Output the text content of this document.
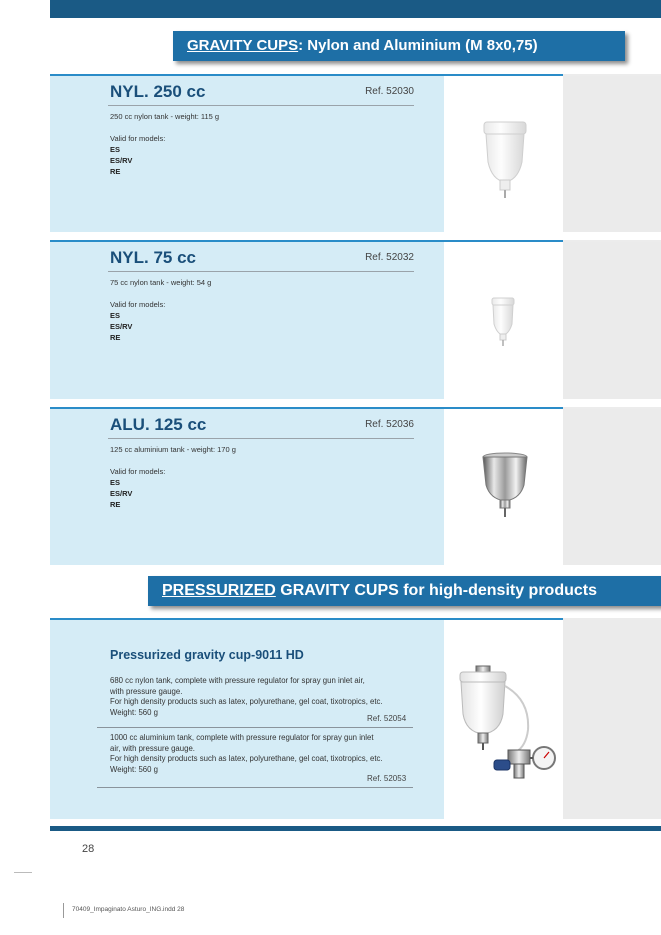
GRAVITY CUPS: Nylon and Aluminium (M 8x0,75)
NYL. 250 cc	Ref. 52030
250 cc nylon tank - weight: 115 g
Valid for models:
ES
ES/RV
RE
NYL. 75 cc	Ref. 52032
75 cc nylon tank - weight: 54 g
Valid for models:
ES
ES/RV
RE
ALU. 125 cc	Ref. 52036
125 cc aluminium tank - weight: 170 g
Valid for models:
ES
ES/RV
RE
PRESSURIZED GRAVITY CUPS for high-density products
Pressurized gravity cup-9011 HD
680 cc nylon tank, complete with pressure regulator for spray gun inlet air,
with pressure gauge.
For high density products such as latex, polyurethane, gel coat, tixotropics, etc.
Weight: 560 g
Ref. 52054
1000 cc aluminium tank, complete with pressure regulator for spray gun inlet
air, with pressure gauge.
For high density products such as latex, polyurethane, gel coat, tixotropics, etc.
Weight: 560 g
Ref. 52053
28
70409_Impaginato Asturo_ING.indd 28
